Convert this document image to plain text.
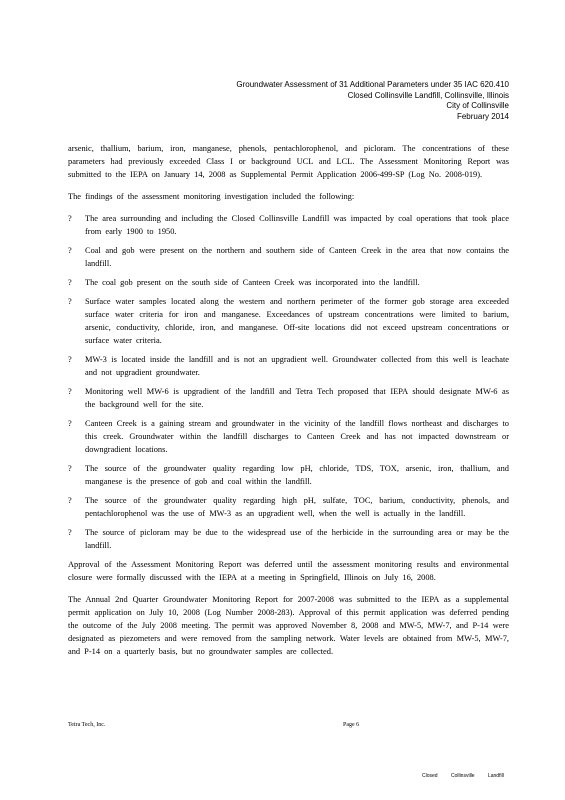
Groundwater Assessment of 31 Additional Parameters under 35 IAC 620.410
Closed Collinsville Landfill, Collinsville, Illinois
City of Collinsville
February 2014

arsenic, thallium, barium, iron, manganese, phenols, pentachlorophenol, and picloram. The concentrations of these parameters had previously exceeded Class I or background UCL and LCL. The Assessment Monitoring Report was submitted to the IEPA on January 14, 2008 as Supplemental Permit Application 2006-499-SP (Log No. 2008-019).

The findings of the assessment monitoring investigation included the following:

? The area surrounding and including the Closed Collinsville Landfill was impacted by coal operations that took place from early 1900 to 1950.
? Coal and gob were present on the northern and southern side of Canteen Creek in the area that now contains the landfill.
? The coal gob present on the south side of Canteen Creek was incorporated into the landfill.
? Surface water samples located along the western and northern perimeter of the former gob storage area exceeded surface water criteria for iron and manganese. Exceedances of upstream concentrations were limited to barium, arsenic, conductivity, chloride, iron, and manganese. Off-site locations did not exceed upstream concentrations or surface water criteria.
? MW-3 is located inside the landfill and is not an upgradient well. Groundwater collected from this well is leachate and not upgradient groundwater.
? Monitoring well MW-6 is upgradient of the landfill and Tetra Tech proposed that IEPA should designate MW-6 as the background well for the site.
? Canteen Creek is a gaining stream and groundwater in the vicinity of the landfill flows northeast and discharges to this creek. Groundwater within the landfill discharges to Canteen Creek and has not impacted downstream or downgradient locations.
? The source of the groundwater quality regarding low pH, chloride, TDS, TOX, arsenic, iron, thallium, and manganese is the presence of gob and coal within the landfill.
? The source of the groundwater quality regarding high pH, sulfate, TOC, barium, conductivity, phenols, and pentachlorophenol was the use of MW-3 as an upgradient well, when the well is actually in the landfill.
? The source of picloram may be due to the widespread use of the herbicide in the surrounding area or may be the landfill.

Approval of the Assessment Monitoring Report was deferred until the assessment monitoring results and environmental closure were formally discussed with the IEPA at a meeting in Springfield, Illinois on July 16, 2008.

The Annual 2nd Quarter Groundwater Monitoring Report for 2007-2008 was submitted to the IEPA as a supplemental permit application on July 10, 2008 (Log Number 2008-283). Approval of this permit application was deferred pending the outcome of the July 2008 meeting. The permit was approved November 8, 2008 and MW-5, MW-7, and P-14 were designated as piezometers and were removed from the sampling network. Water levels are obtained from MW-5, MW-7, and P-14 on a quarterly basis, but no groundwater samples are collected.

Tetra Tech, Inc.	Page 6
Closed Collinsville Landfill
